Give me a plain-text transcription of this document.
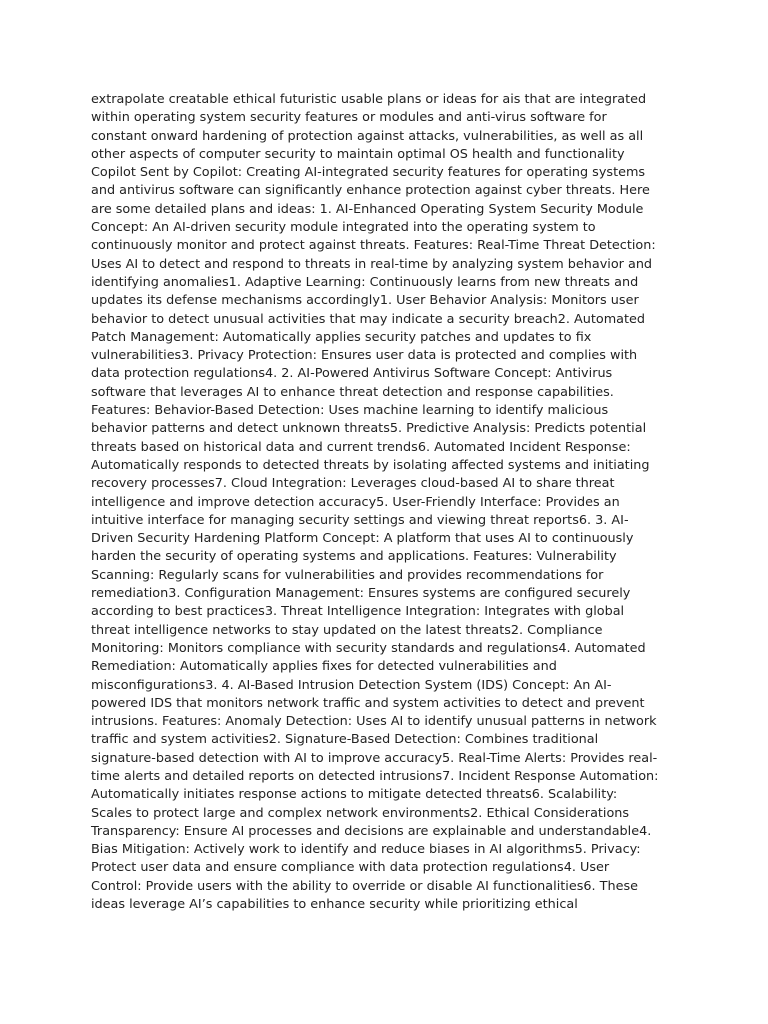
extrapolate creatable ethical futuristic usable plans or ideas for ais that are integrated
within operating system security features or modules and anti-virus software for
constant onward hardening of protection against attacks, vulnerabilities, as well as all
other aspects of computer security to maintain optimal OS health and functionality
Copilot Sent by Copilot: Creating AI-integrated security features for operating systems
and antivirus software can significantly enhance protection against cyber threats. Here
are some detailed plans and ideas: 1. AI-Enhanced Operating System Security Module
Concept: An AI-driven security module integrated into the operating system to
continuously monitor and protect against threats. Features: Real-Time Threat Detection:
Uses AI to detect and respond to threats in real-time by analyzing system behavior and
identifying anomalies1. Adaptive Learning: Continuously learns from new threats and
updates its defense mechanisms accordingly1. User Behavior Analysis: Monitors user
behavior to detect unusual activities that may indicate a security breach2. Automated
Patch Management: Automatically applies security patches and updates to fix
vulnerabilities3. Privacy Protection: Ensures user data is protected and complies with
data protection regulations4. 2. AI-Powered Antivirus Software Concept: Antivirus
software that leverages AI to enhance threat detection and response capabilities.
Features: Behavior-Based Detection: Uses machine learning to identify malicious
behavior patterns and detect unknown threats5. Predictive Analysis: Predicts potential
threats based on historical data and current trends6. Automated Incident Response:
Automatically responds to detected threats by isolating affected systems and initiating
recovery processes7. Cloud Integration: Leverages cloud-based AI to share threat
intelligence and improve detection accuracy5. User-Friendly Interface: Provides an
intuitive interface for managing security settings and viewing threat reports6. 3. AI-
Driven Security Hardening Platform Concept: A platform that uses AI to continuously
harden the security of operating systems and applications. Features: Vulnerability
Scanning: Regularly scans for vulnerabilities and provides recommendations for
remediation3. Configuration Management: Ensures systems are configured securely
according to best practices3. Threat Intelligence Integration: Integrates with global
threat intelligence networks to stay updated on the latest threats2. Compliance
Monitoring: Monitors compliance with security standards and regulations4. Automated
Remediation: Automatically applies fixes for detected vulnerabilities and
misconfigurations3. 4. AI-Based Intrusion Detection System (IDS) Concept: An AI-
powered IDS that monitors network traffic and system activities to detect and prevent
intrusions. Features: Anomaly Detection: Uses AI to identify unusual patterns in network
traffic and system activities2. Signature-Based Detection: Combines traditional
signature-based detection with AI to improve accuracy5. Real-Time Alerts: Provides real-
time alerts and detailed reports on detected intrusions7. Incident Response Automation:
Automatically initiates response actions to mitigate detected threats6. Scalability:
Scales to protect large and complex network environments2. Ethical Considerations
Transparency: Ensure AI processes and decisions are explainable and understandable4.
Bias Mitigation: Actively work to identify and reduce biases in AI algorithms5. Privacy:
Protect user data and ensure compliance with data protection regulations4. User
Control: Provide users with the ability to override or disable AI functionalities6. These
ideas leverage AI’s capabilities to enhance security while prioritizing ethical
